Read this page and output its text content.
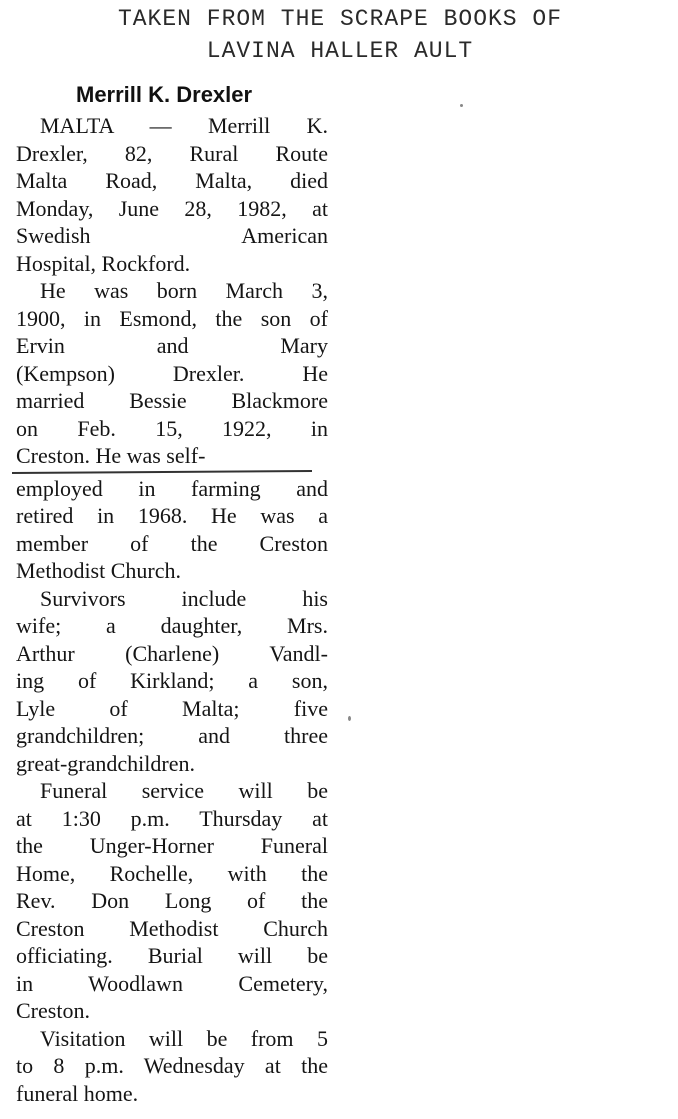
TAKEN FROM THE SCRAPE BOOKS OF
LAVINA HALLER AULT
Merrill K. Drexler
MALTA — Merrill K.
Drexler, 82, Rural Route
Malta Road, Malta, died
Monday, June 28, 1982, at
Swedish American
Hospital, Rockford.
He was born March 3,
1900, in Esmond, the son of
Ervin and Mary
(Kempson) Drexler. He
married Bessie Blackmore
on Feb. 15, 1922, in
Creston. He was self-
employed in farming and
retired in 1968. He was a
member of the Creston
Methodist Church.
Survivors include his
wife; a daughter, Mrs.
Arthur (Charlene) Vandl-
ing of Kirkland; a son,
Lyle of Malta; five
grandchildren; and three
great-grandchildren.
Funeral service will be
at 1:30 p.m. Thursday at
the Unger-Horner Funeral
Home, Rochelle, with the
Rev. Don Long of the
Creston Methodist Church
officiating. Burial will be
in Woodlawn Cemetery,
Creston.
Visitation will be from 5
to 8 p.m. Wednesday at the
funeral home.
